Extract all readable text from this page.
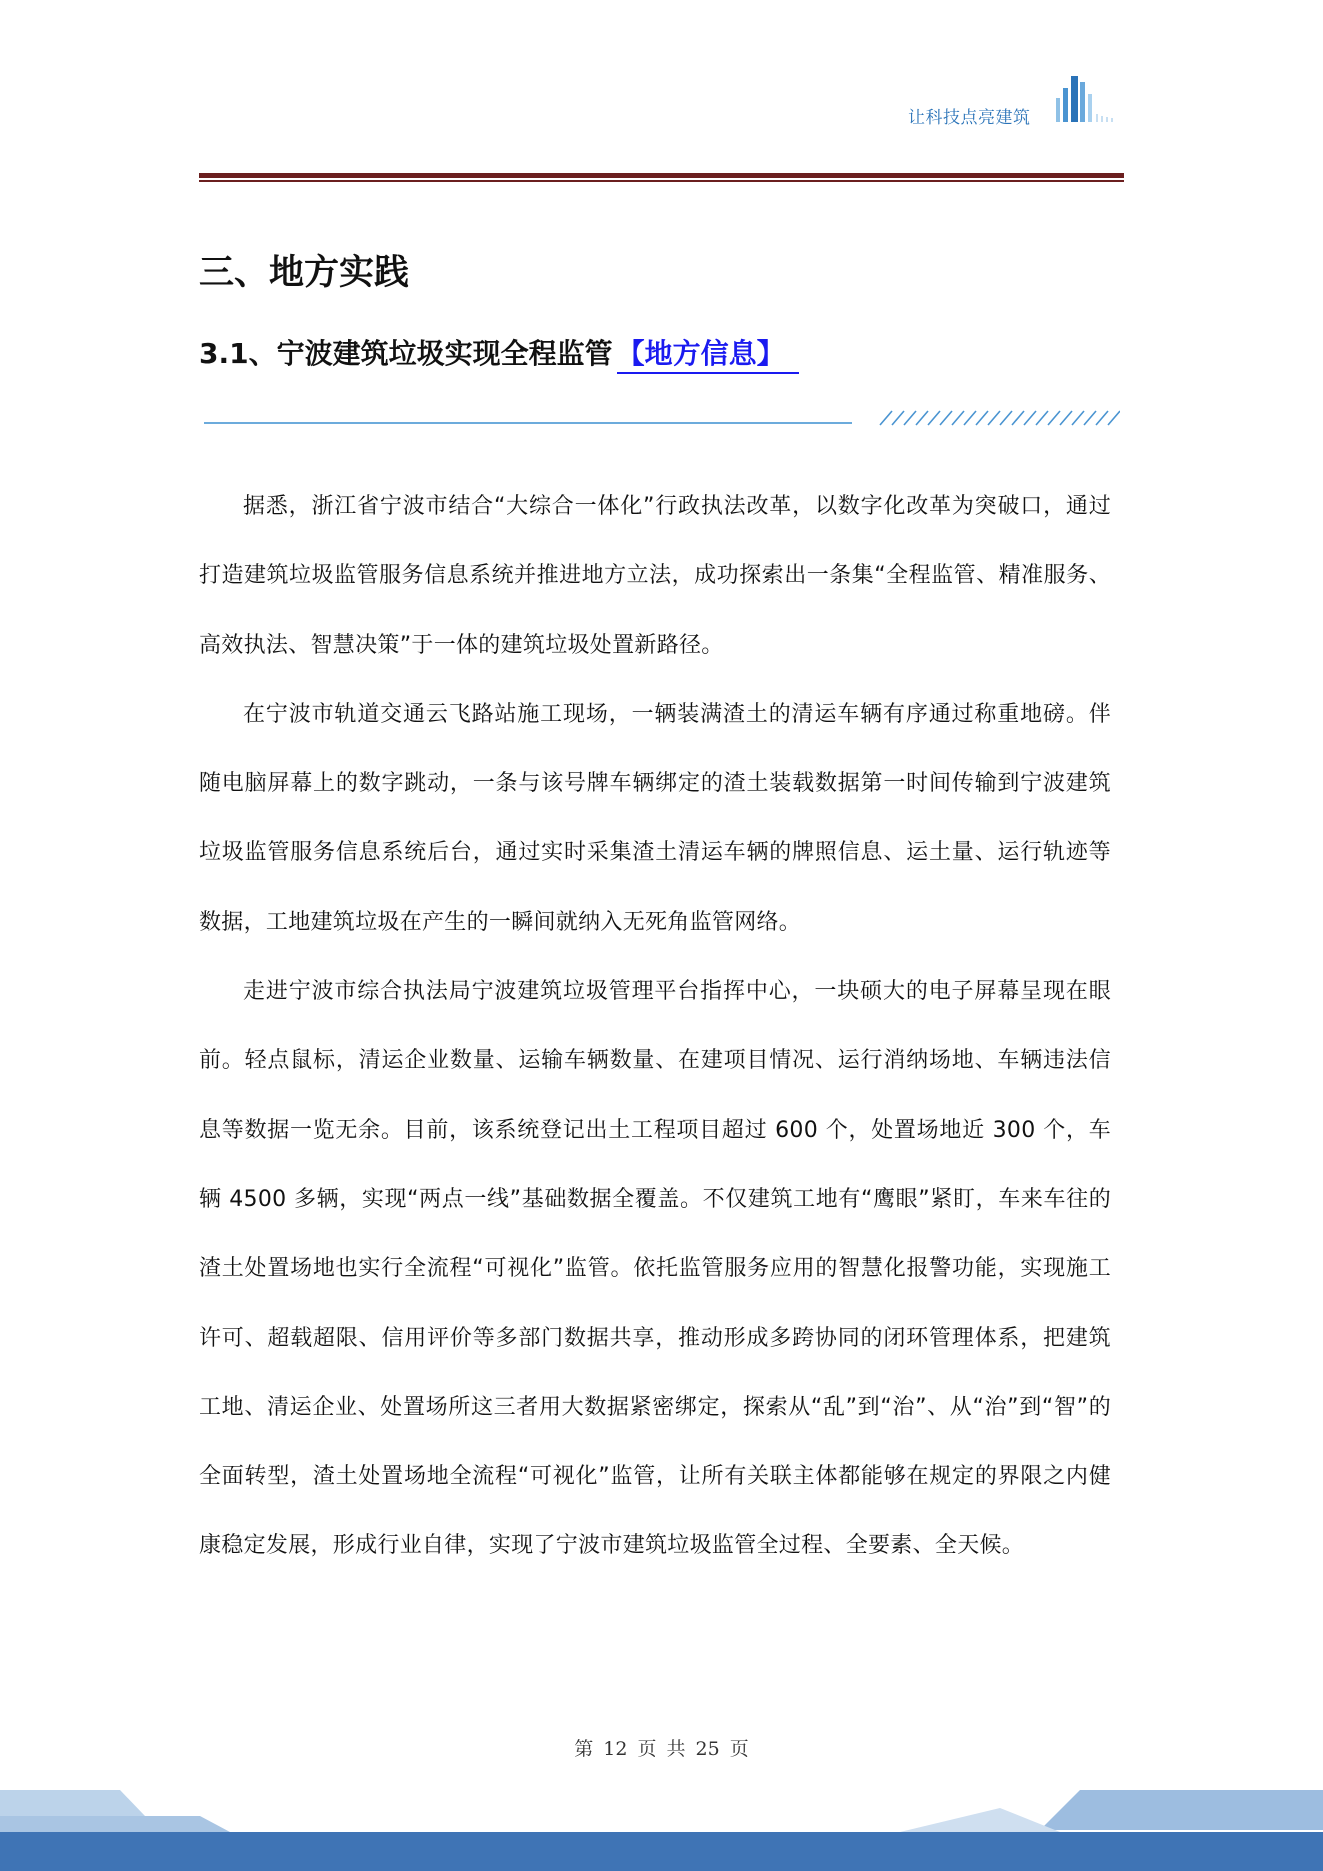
让科技点亮建筑
三、地方实践
3.1、宁波建筑垃圾实现全程监管 【地方信息】

据悉，浙江省宁波市结合“大综合一体化”行政执法改革，以数字化改革为突破口，通过打造建筑垃圾监管服务信息系统并推进地方立法，成功探索出一条集“全程监管、精准服务、高效执法、智慧决策”于一体的建筑垃圾处置新路径。

在宁波市轨道交通云飞路站施工现场，一辆装满渣土的清运车辆有序通过称重地磅。伴随电脑屏幕上的数字跳动，一条与该号牌车辆绑定的渣土装载数据第一时间传输到宁波建筑垃圾监管服务信息系统后台，通过实时采集渣土清运车辆的牌照信息、运土量、运行轨迹等数据，工地建筑垃圾在产生的一瞬间就纳入无死角监管网络。

走进宁波市综合执法局宁波建筑垃圾管理平台指挥中心，一块硕大的电子屏幕呈现在眼前。轻点鼠标，清运企业数量、运输车辆数量、在建项目情况、运行消纳场地、车辆违法信息等数据一览无余。目前，该系统登记出土工程项目超过 600 个，处置场地近 300 个，车辆 4500 多辆，实现“两点一线”基础数据全覆盖。不仅建筑工地有“鹰眼”紧盯，车来车往的渣土处置场地也实行全流程“可视化”监管。依托监管服务应用的智慧化报警功能，实现施工许可、超载超限、信用评价等多部门数据共享，推动形成多跨协同的闭环管理体系，把建筑工地、清运企业、处置场所这三者用大数据紧密绑定，探索从“乱”到“治”、从“治”到“智”的全面转型，渣土处置场地全流程“可视化”监管，让所有关联主体都能够在规定的界限之内健康稳定发展，形成行业自律，实现了宁波市建筑垃圾监管全过程、全要素、全天候。

第 12 页 共 25 页
